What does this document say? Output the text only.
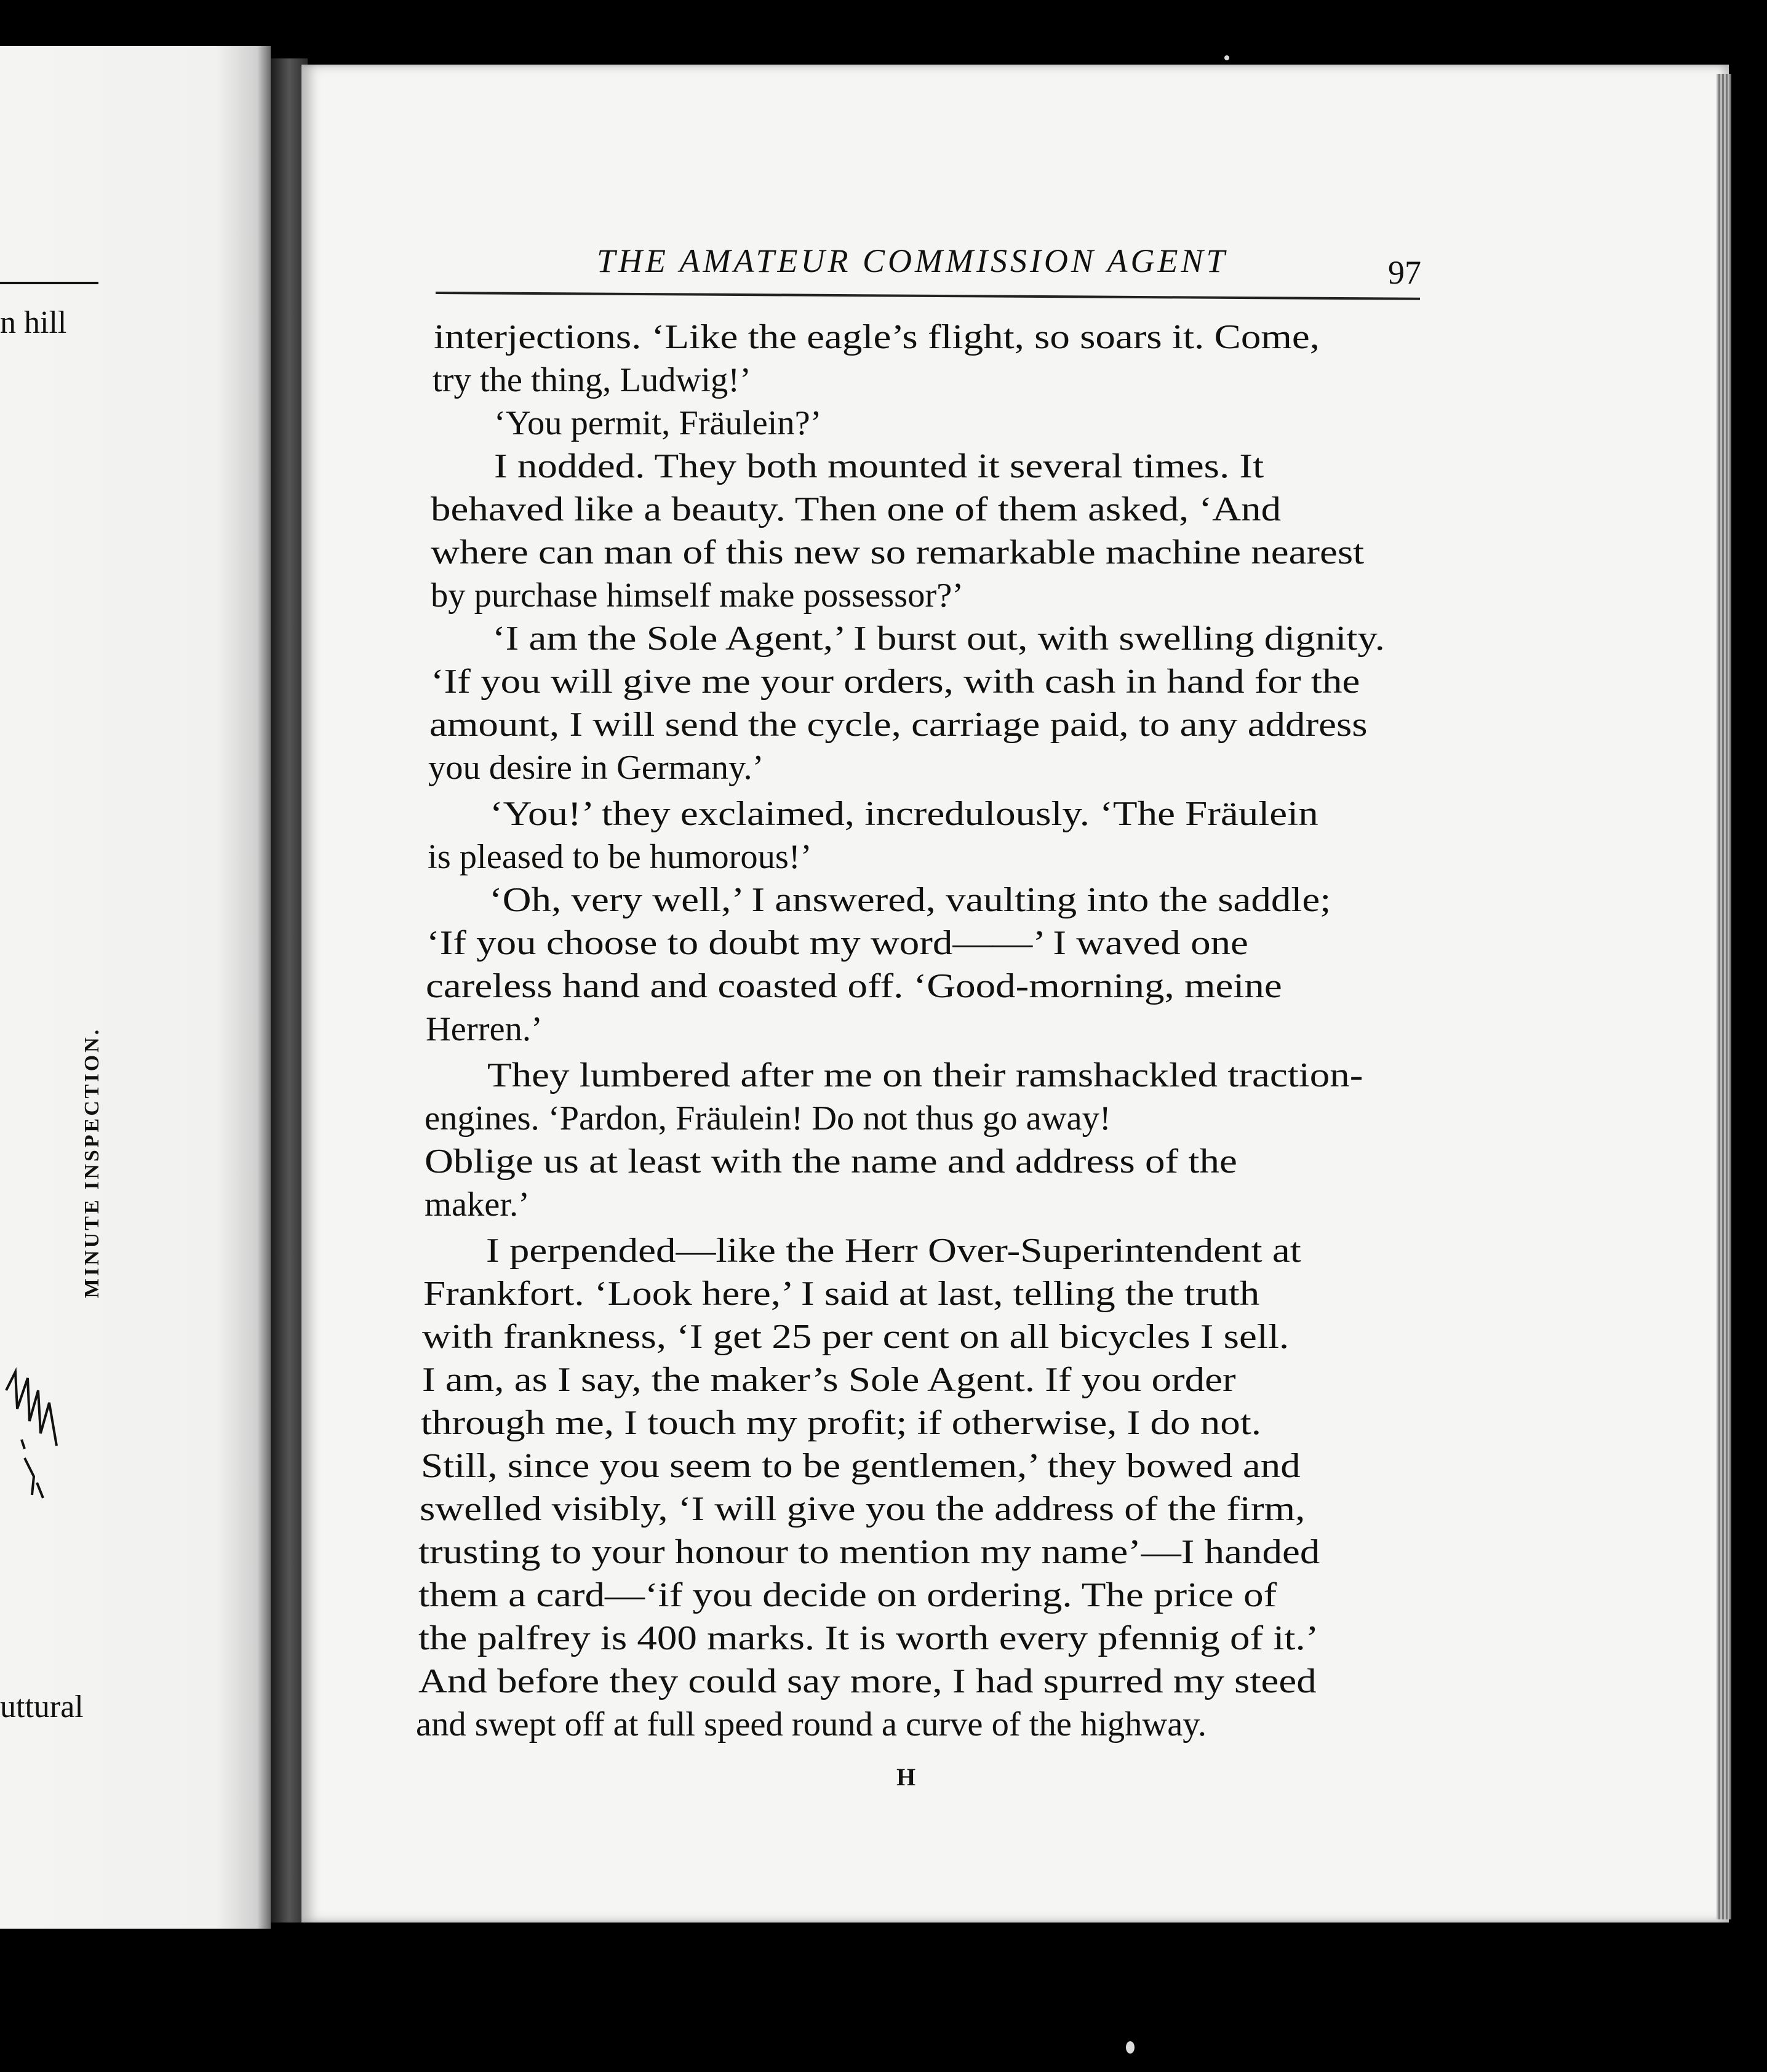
n hill
uttural
MINUTE INSPECTION.
THE AMATEUR COMMISSION AGENT	97
interjections. ‘Like the eagle’s flight, so soars it. Come,
try the thing, Ludwig!’
‘You permit, Fräulein?’
I nodded. They both mounted it several times. It
behaved like a beauty. Then one of them asked, ‘And
where can man of this new so remarkable machine nearest
by purchase himself make possessor?’
‘I am the Sole Agent,’ I burst out, with swelling dignity.
‘If you will give me your orders, with cash in hand for the
amount, I will send the cycle, carriage paid, to any address
you desire in Germany.’
‘You!’ they exclaimed, incredulously. ‘The Fräulein
is pleased to be humorous!’
‘Oh, very well,’ I answered, vaulting into the saddle;
‘If you choose to doubt my word——’ I waved one
careless hand and coasted off. ‘Good-morning, meine
Herren.’
They lumbered after me on their ramshackled traction-
engines. ‘Pardon, Fräulein! Do not thus go away!
Oblige us at least with the name and address of the
maker.’
I perpended—like the Herr Over-Superintendent at
Frankfort. ‘Look here,’ I said at last, telling the truth
with frankness, ‘I get 25 per cent on all bicycles I sell.
I am, as I say, the maker’s Sole Agent. If you order
through me, I touch my profit; if otherwise, I do not.
Still, since you seem to be gentlemen,’ they bowed and
swelled visibly, ‘I will give you the address of the firm,
trusting to your honour to mention my name’—I handed
them a card—‘if you decide on ordering. The price of
the palfrey is 400 marks. It is worth every pfennig of it.’
And before they could say more, I had spurred my steed
and swept off at full speed round a curve of the highway.
H
